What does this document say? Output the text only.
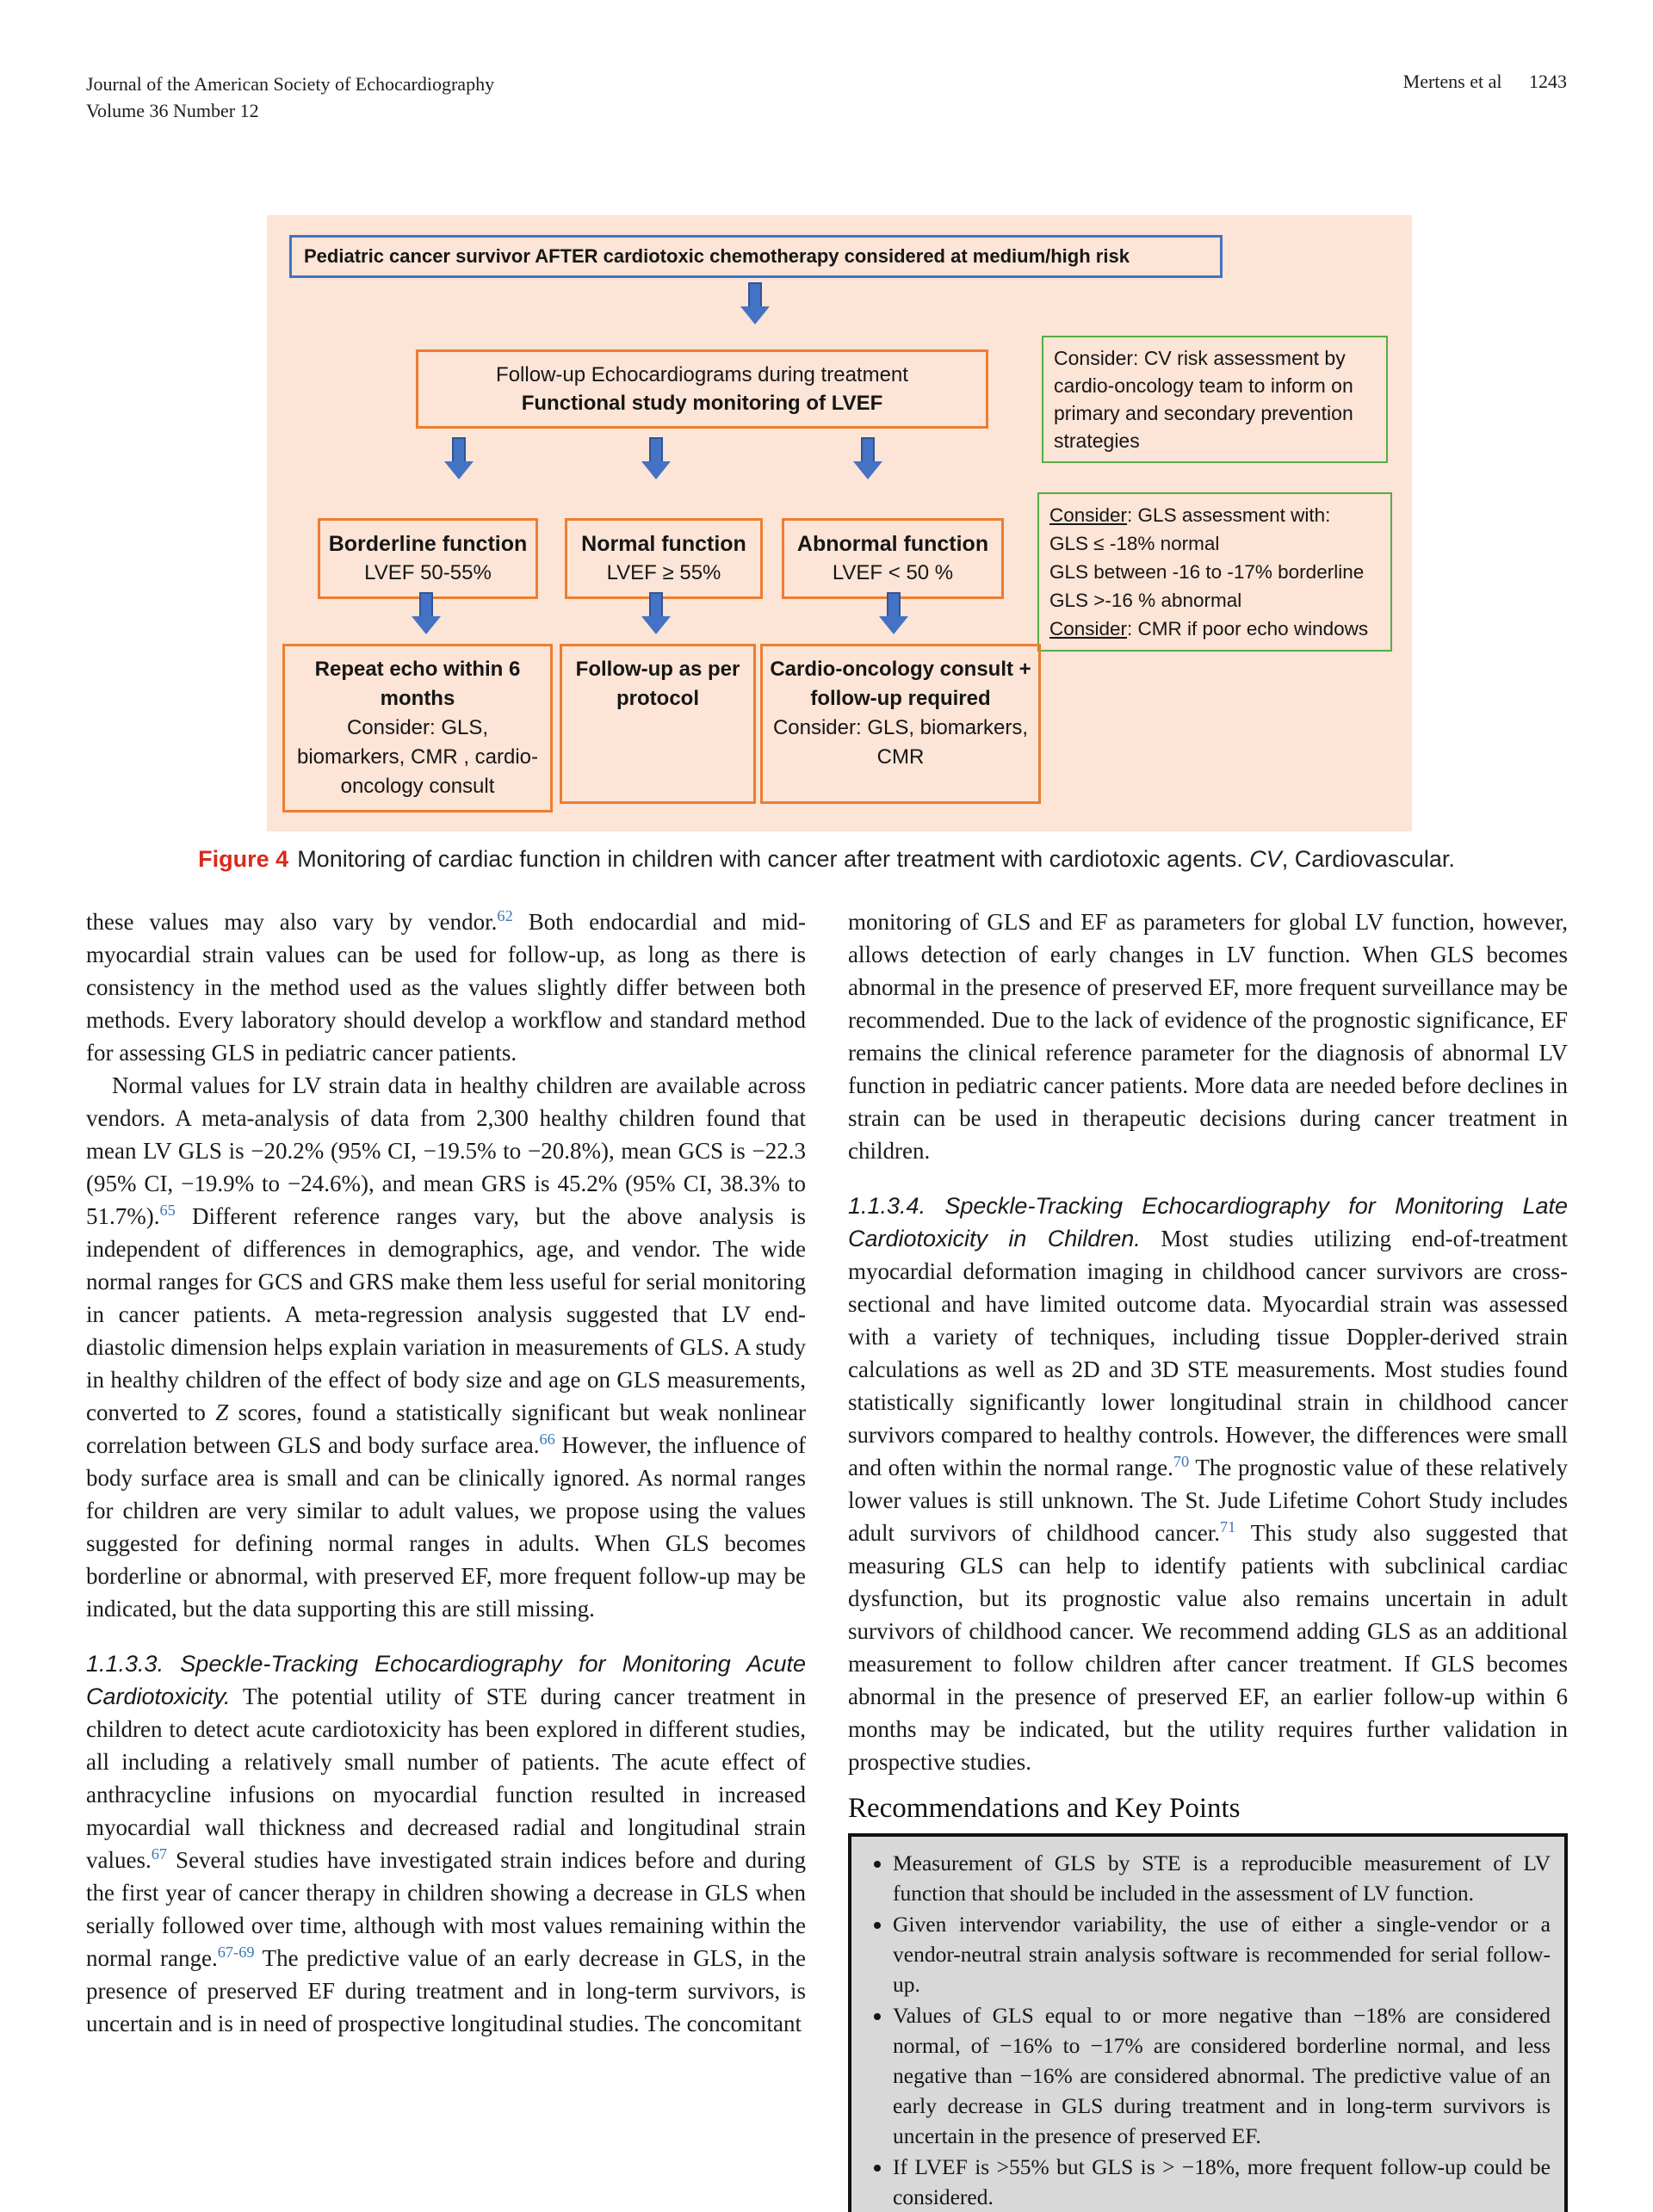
Journal of the American Society of Echocardiography
Volume 36 Number 12
Mertens et al 1243
Pediatric cancer survivor AFTER cardiotoxic chemotherapy considered at medium/high risk
Follow-up Echocardiograms during treatment
Functional study monitoring of LVEF
Consider: CV risk assessment by cardio-oncology team to inform on primary and secondary prevention strategies
Borderline function
LVEF 50-55%
Normal function
LVEF ≥ 55%
Abnormal function
LVEF < 50 %
Consider: GLS assessment with:
GLS ≤ -18% normal
GLS between -16 to -17% borderline
GLS >-16 % abnormal
Consider: CMR if poor echo windows
Repeat echo within 6 months
Consider: GLS, biomarkers, CMR , cardio-oncology consult
Follow-up as per protocol
Cardio-oncology consult + follow-up required
Consider: GLS, biomarkers, CMR
Figure 4 Monitoring of cardiac function in children with cancer after treatment with cardiotoxic agents. CV, Cardiovascular.

these values may also vary by vendor.$^{62}$ Both endocardial and mid-myocardial strain values can be used for follow-up, as long as there is consistency in the method used as the values slightly differ between both methods. Every laboratory should develop a workflow and standard method for assessing GLS in pediatric cancer patients.

Normal values for LV strain data in healthy children are available across vendors. A meta-analysis of data from 2,300 healthy children found that mean LV GLS is −20.2% (95% CI, −19.5% to −20.8%), mean GCS is −22.3 (95% CI, −19.9% to −24.6%), and mean GRS is 45.2% (95% CI, 38.3% to 51.7%).$^{65}$ Different reference ranges vary, but the above analysis is independent of differences in demographics, age, and vendor. The wide normal ranges for GCS and GRS make them less useful for serial monitoring in cancer patients. A meta-regression analysis suggested that LV end-diastolic dimension helps explain variation in measurements of GLS. A study in healthy children of the effect of body size and age on GLS measurements, converted to Z scores, found a statistically significant but weak nonlinear correlation between GLS and body surface area.$^{66}$ However, the influence of body surface area is small and can be clinically ignored. As normal ranges for children are very similar to adult values, we propose using the values suggested for defining normal ranges in adults. When GLS becomes borderline or abnormal, with preserved EF, more frequent follow-up may be indicated, but the data supporting this are still missing.

1.1.3.3. Speckle-Tracking Echocardiography for Monitoring Acute Cardiotoxicity. The potential utility of STE during cancer treatment in children to detect acute cardiotoxicity has been explored in different studies, all including a relatively small number of patients. The acute effect of anthracycline infusions on myocardial function resulted in increased myocardial wall thickness and decreased radial and longitudinal strain values.$^{67}$ Several studies have investigated strain indices before and during the first year of cancer therapy in children showing a decrease in GLS when serially followed over time, although with most values remaining within the normal range.$^{67-69}$ The predictive value of an early decrease in GLS, in the presence of preserved EF during treatment and in long-term survivors, is uncertain and is in need of prospective longitudinal studies. The concomitant

monitoring of GLS and EF as parameters for global LV function, however, allows detection of early changes in LV function. When GLS becomes abnormal in the presence of preserved EF, more frequent surveillance may be recommended. Due to the lack of evidence of the prognostic significance, EF remains the clinical reference parameter for the diagnosis of abnormal LV function in pediatric cancer patients. More data are needed before declines in strain can be used in therapeutic decisions during cancer treatment in children.

1.1.3.4. Speckle-Tracking Echocardiography for Monitoring Late Cardiotoxicity in Children. Most studies utilizing end-of-treatment myocardial deformation imaging in childhood cancer survivors are cross-sectional and have limited outcome data. Myocardial strain was assessed with a variety of techniques, including tissue Doppler-derived strain calculations as well as 2D and 3D STE measurements. Most studies found statistically significantly lower longitudinal strain in childhood cancer survivors compared to healthy controls. However, the differences were small and often within the normal range.$^{70}$ The prognostic value of these relatively lower values is still unknown. The St. Jude Lifetime Cohort Study includes adult survivors of childhood cancer.$^{71}$ This study also suggested that measuring GLS can help to identify patients with subclinical cardiac dysfunction, but its prognostic value also remains uncertain in adult survivors of childhood cancer. We recommend adding GLS as an additional measurement to follow children after cancer treatment. If GLS becomes abnormal in the presence of preserved EF, an earlier follow-up within 6 months may be indicated, but the utility requires further validation in prospective studies.

Recommendations and Key Points
• Measurement of GLS by STE is a reproducible measurement of LV function that should be included in the assessment of LV function.
• Given intervendor variability, the use of either a single-vendor or a vendor-neutral strain analysis software is recommended for serial follow-up.
• Values of GLS equal to or more negative than −18% are considered normal, of −16% to −17% are considered borderline normal, and less negative than −16% are considered abnormal. The predictive value of an early decrease in GLS during treatment and in long-term survivors is uncertain in the presence of preserved EF.
• If LVEF is >55% but GLS is > −18%, more frequent follow-up could be considered.
